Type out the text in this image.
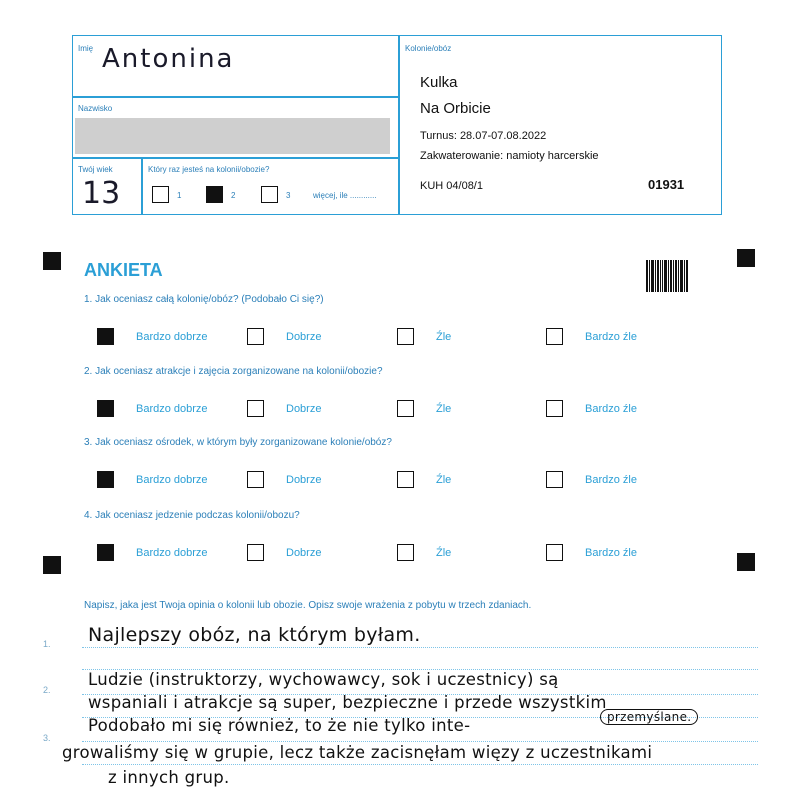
Imię Antonina
Nazwisko
Twój wiek
13
Który raz jesteś na kolonii/obozie?
1	2	3	więcej, ile ............
Kolonie/obóz
Kulka
Na Orbicie
Turnus: 28.07-07.08.2022
Zakwaterowanie: namioty harcerskie
KUH 04/08/1	01931
ANKIETA
1. Jak oceniasz całą kolonię/obóz? (Podobało Ci się?)
Bardzo dobrze	Dobrze	Źle	Bardzo źle
2. Jak oceniasz atrakcje i zajęcia zorganizowane na kolonii/obozie?
Bardzo dobrze	Dobrze	Źle	Bardzo źle
3. Jak oceniasz ośrodek, w którym były zorganizowane kolonie/obóz?
Bardzo dobrze	Dobrze	Źle	Bardzo źle
4. Jak oceniasz jedzenie podczas kolonii/obozu?
Bardzo dobrze	Dobrze	Źle	Bardzo źle
Napisz, jaka jest Twoja opinia o kolonii lub obozie. Opisz swoje wrażenia z pobytu w trzech zdaniach.
1.
2.
3.
Najlepszy obóz, na którym byłam.
Ludzie (instruktorzy, wychowawcy, sok i uczestnicy) są
wspaniali i atrakcje są super, bezpieczne i przede wszystkim
Podobało mi się również, to że nie tylko inte-	przemyślane.
growaliśmy się w grupie, lecz także zacisnęłam więzy z uczestnikami
z innych grup.
